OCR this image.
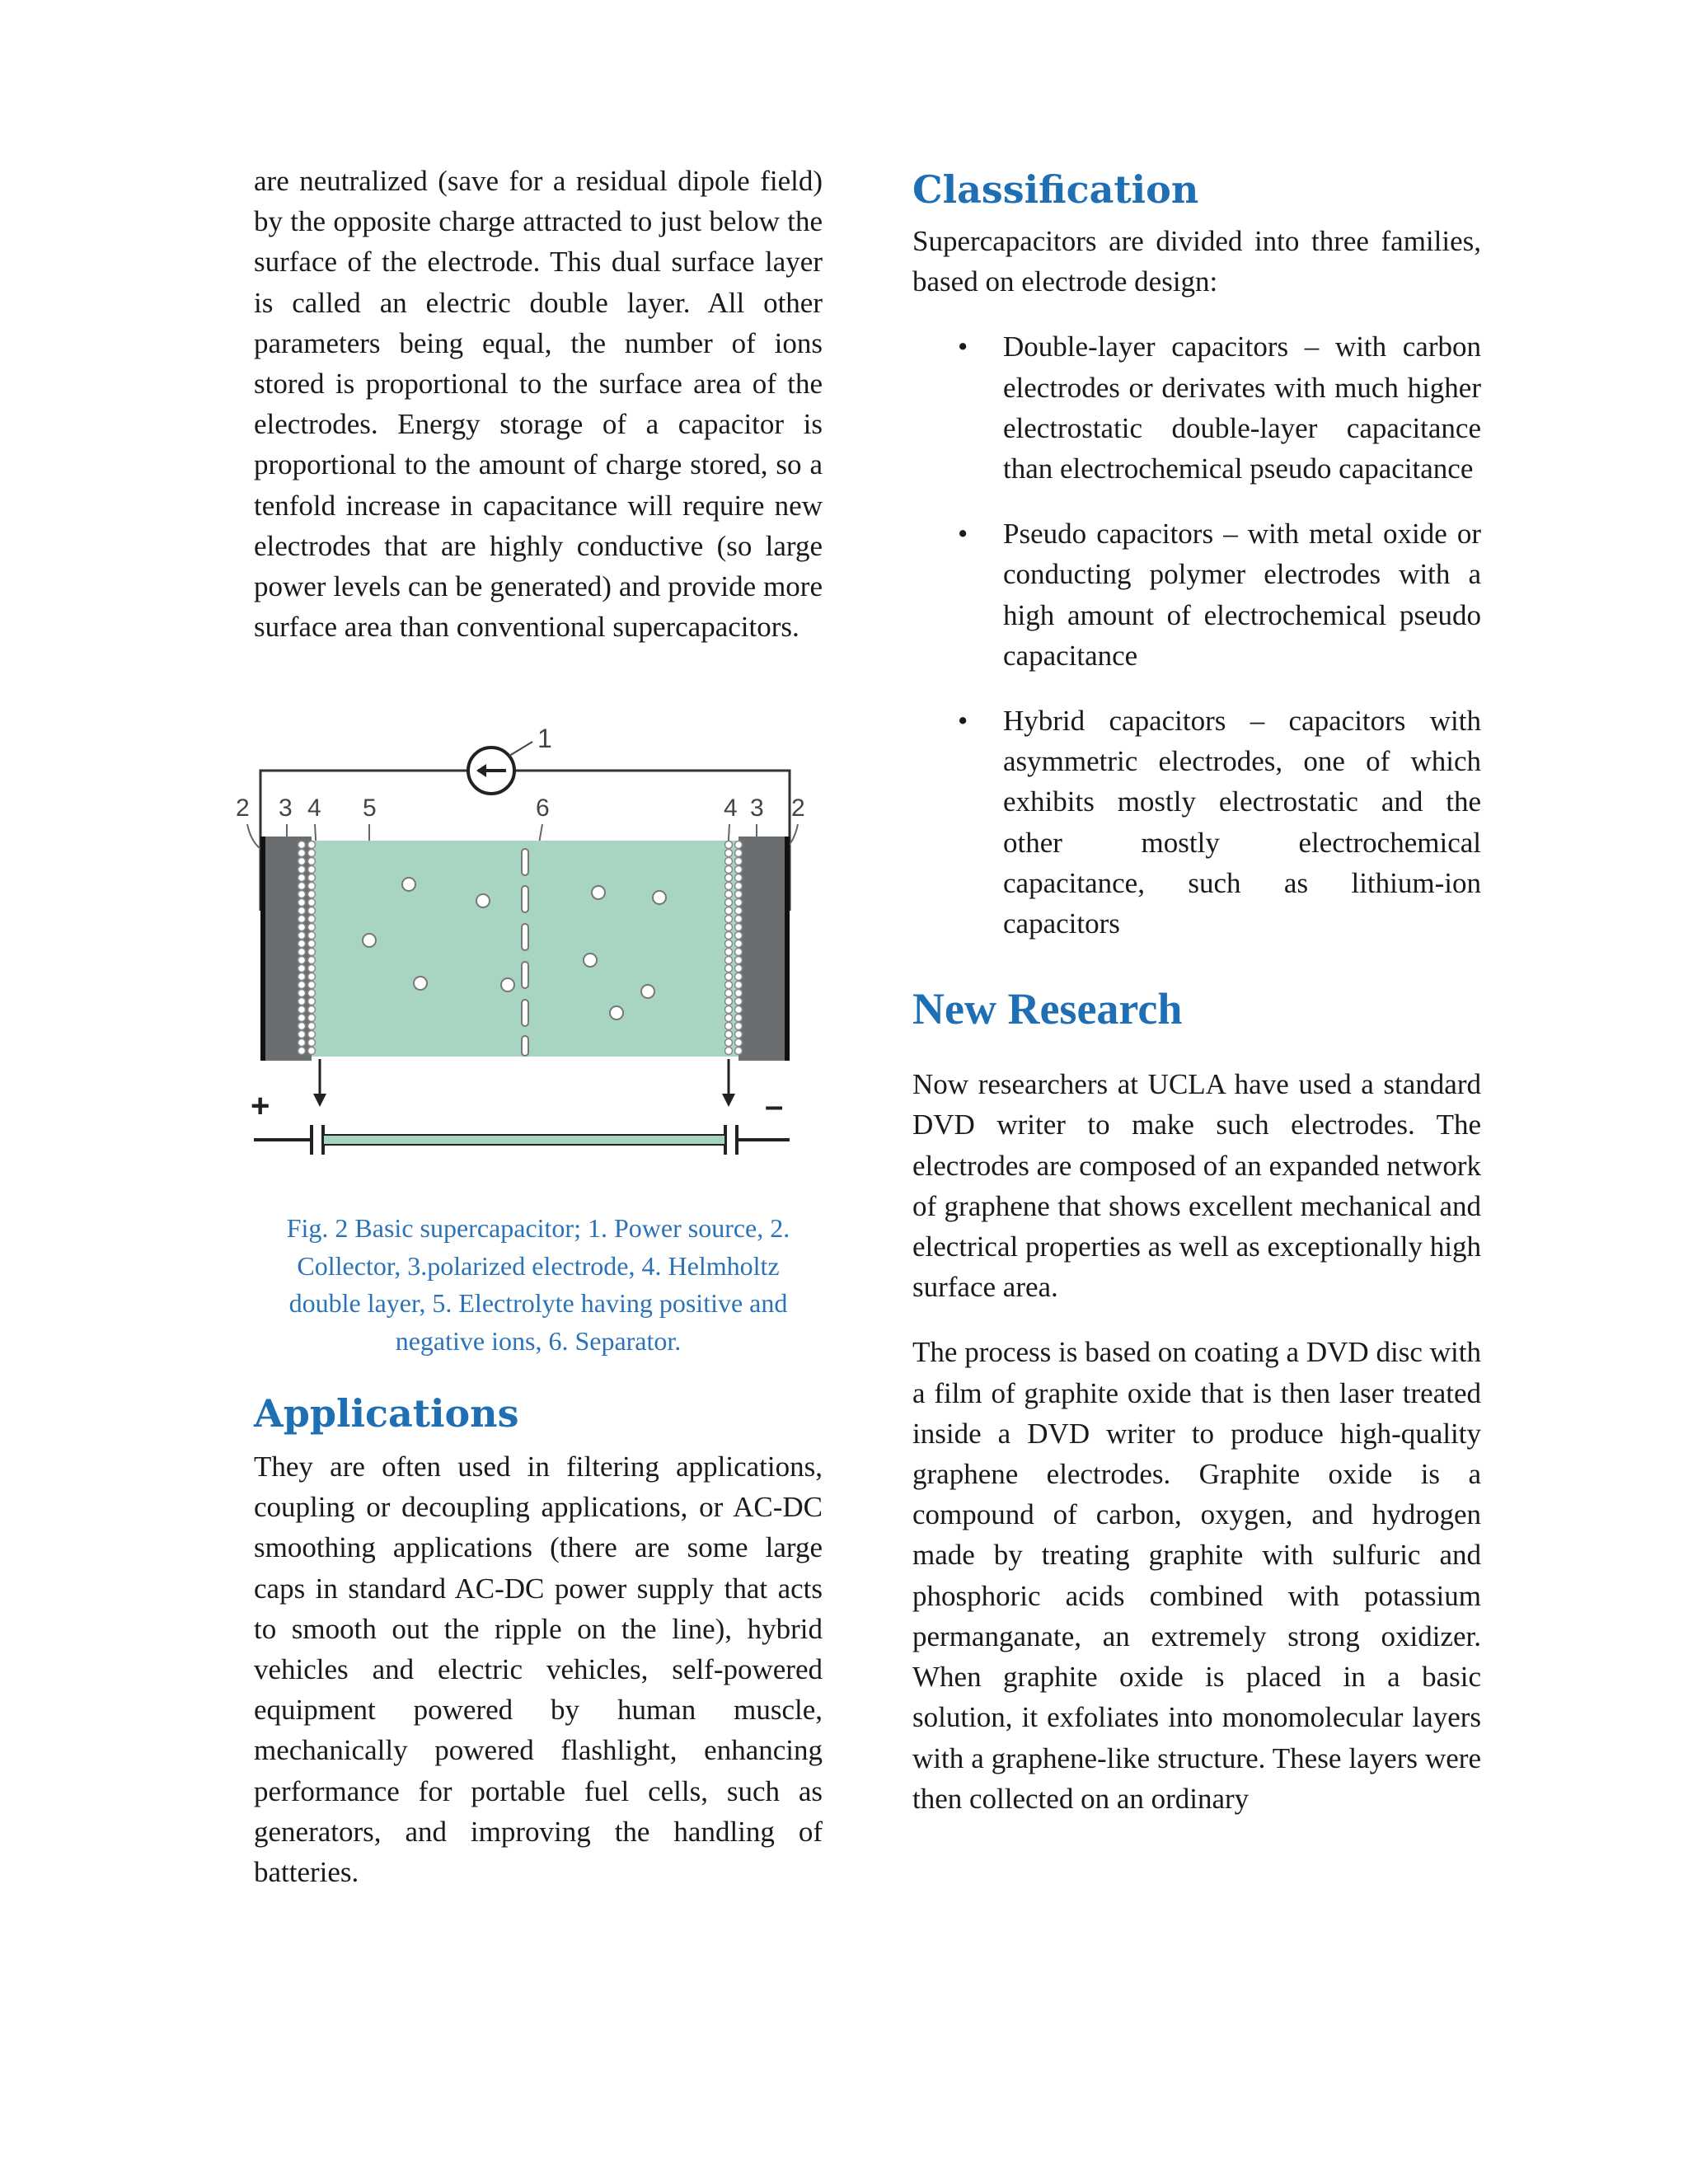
are neutralized (save for a residual dipole field) by the opposite charge attracted to just below the surface of the electrode. This dual surface layer is called an electric double layer. All other parameters being equal, the number of ions stored is proportional to the surface area of the electrodes. Energy storage of a capacitor is proportional to the amount of charge stored, so a tenfold increase in capacitance will require new electrodes that are highly conductive (so large power levels can be generated) and provide more surface area than conventional supercapacitors.

1
2 3 4 5	6	4 3 2
+	–

Fig. 2 Basic supercapacitor; 1. Power source, 2. Collector, 3.polarized electrode, 4. Helmholtz double layer, 5. Electrolyte having positive and negative ions, 6. Separator.

Applications

They are often used in filtering applications, coupling or decoupling applications, or AC-DC smoothing applications (there are some large caps in standard AC-DC power supply that acts to smooth out the ripple on the line), hybrid vehicles and electric vehicles, self-powered equipment powered by human muscle, mechanically powered flashlight, enhancing performance for portable fuel cells, such as generators, and improving the handling of batteries.

Classification

Supercapacitors are divided into three families, based on electrode design:

• Double-layer capacitors – with carbon electrodes or derivates with much higher electrostatic double-layer capacitance than electrochemical pseudo capacitance

• Pseudo capacitors – with metal oxide or conducting polymer electrodes with a high amount of electrochemical pseudo capacitance

• Hybrid capacitors – capacitors with asymmetric electrodes, one of which exhibits mostly electrostatic and the other mostly electrochemical capacitance, such as lithium-ion capacitors

New Research

Now researchers at UCLA have used a standard DVD writer to make such electrodes. The electrodes are composed of an expanded network of graphene that shows excellent mechanical and electrical properties as well as exceptionally high surface area.

The process is based on coating a DVD disc with a film of graphite oxide that is then laser treated inside a DVD writer to produce high-quality graphene electrodes. Graphite oxide is a compound of carbon, oxygen, and hydrogen made by treating graphite with sulfuric and phosphoric acids combined with potassium permanganate, an extremely strong oxidizer. When graphite oxide is placed in a basic solution, it exfoliates into monomolecular layers with a graphene-like structure. These layers were then collected on an ordinary
